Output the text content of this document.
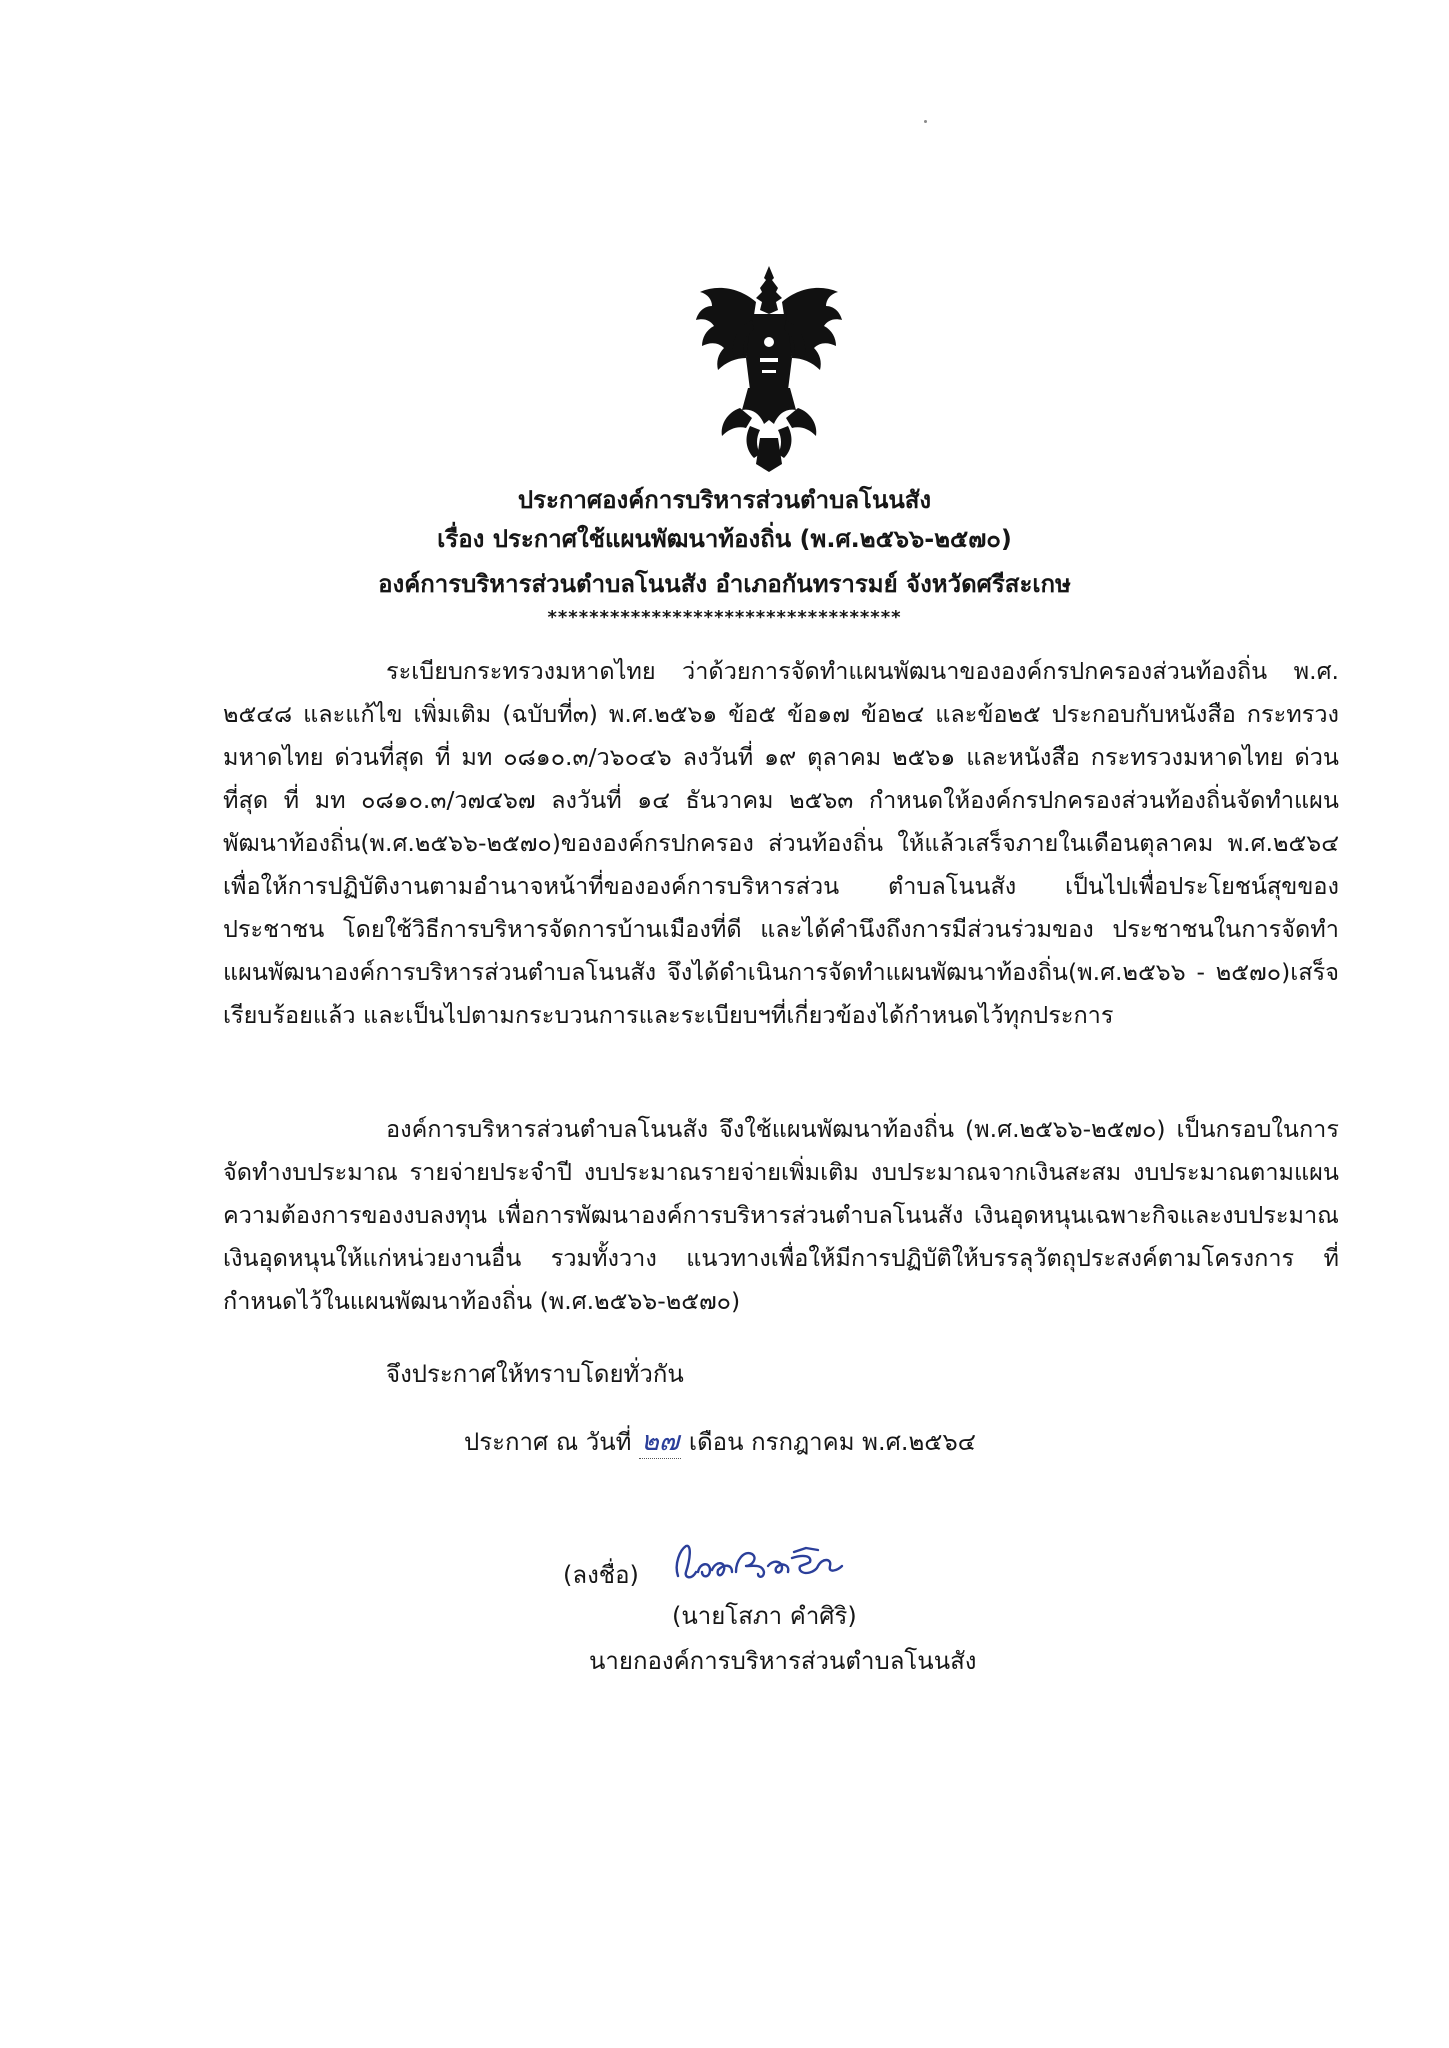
ประกาศองค์การบริหารส่วนตำบลโนนสัง
เรื่อง ประกาศใช้แผนพัฒนาท้องถิ่น (พ.ศ.๒๕๖๖-๒๕๗๐)
องค์การบริหารส่วนตำบลโนนสัง อำเภอกันทรารมย์ จังหวัดศรีสะเกษ
**********************************
ระเบียบกระทรวงมหาดไทย ว่าด้วยการจัดทำแผนพัฒนาขององค์กรปกครองส่วนท้องถิ่น พ.ศ. ๒๕๔๘ และแก้ไข เพิ่มเติม (ฉบับที่๓) พ.ศ.๒๕๖๑ ข้อ๕ ข้อ๑๗ ข้อ๒๔ และข้อ๒๕ ประกอบกับหนังสือ กระทรวงมหาดไทย ด่วนที่สุด ที่ มท ๐๘๑๐.๓/ว๖๐๔๖ ลงวันที่ ๑๙ ตุลาคม ๒๕๖๑ และหนังสือ กระทรวงมหาดไทย ด่วนที่สุด ที่ มท ๐๘๑๐.๓/ว๗๔๖๗ ลงวันที่ ๑๔ ธันวาคม ๒๕๖๓ กำหนดให้องค์กรปกครองส่วนท้องถิ่นจัดทำแผนพัฒนาท้องถิ่น(พ.ศ.๒๕๖๖-๒๕๗๐)ขององค์กรปกครอง ส่วนท้องถิ่น ให้แล้วเสร็จภายในเดือนตุลาคม พ.ศ.๒๕๖๔ เพื่อให้การปฏิบัติงานตามอำนาจหน้าที่ขององค์การบริหารส่วน ตำบลโนนสัง เป็นไปเพื่อประโยชน์สุขของประชาชน โดยใช้วิธีการบริหารจัดการบ้านเมืองที่ดี และได้คำนึงถึงการมีส่วนร่วมของ ประชาชนในการจัดทำแผนพัฒนาองค์การบริหารส่วนตำบลโนนสัง จึงได้ดำเนินการจัดทำแผนพัฒนาท้องถิ่น(พ.ศ.๒๕๖๖ - ๒๕๗๐)เสร็จเรียบร้อยแล้ว และเป็นไปตามกระบวนการและระเบียบฯที่เกี่ยวข้องได้กำหนดไว้ทุกประการ
องค์การบริหารส่วนตำบลโนนสัง จึงใช้แผนพัฒนาท้องถิ่น (พ.ศ.๒๕๖๖-๒๕๗๐) เป็นกรอบในการจัดทำงบประมาณ รายจ่ายประจำปี งบประมาณรายจ่ายเพิ่มเติม งบประมาณจากเงินสะสม งบประมาณตามแผนความต้องการของงบลงทุน เพื่อการพัฒนาองค์การบริหารส่วนตำบลโนนสัง เงินอุดหนุนเฉพาะกิจและงบประมาณเงินอุดหนุนให้แก่หน่วยงานอื่น รวมทั้งวาง แนวทางเพื่อให้มีการปฏิบัติให้บรรลุวัตถุประสงค์ตามโครงการ ที่กำหนดไว้ในแผนพัฒนาท้องถิ่น (พ.ศ.๒๕๖๖-๒๕๗๐)
จึงประกาศให้ทราบโดยทั่วกัน
ประกาศ ณ วันที่ ๒๗ เดือน กรกฎาคม พ.ศ.๒๕๖๔
(ลงชื่อ)
(นายโสภา คำศิริ)
นายกองค์การบริหารส่วนตำบลโนนสัง
